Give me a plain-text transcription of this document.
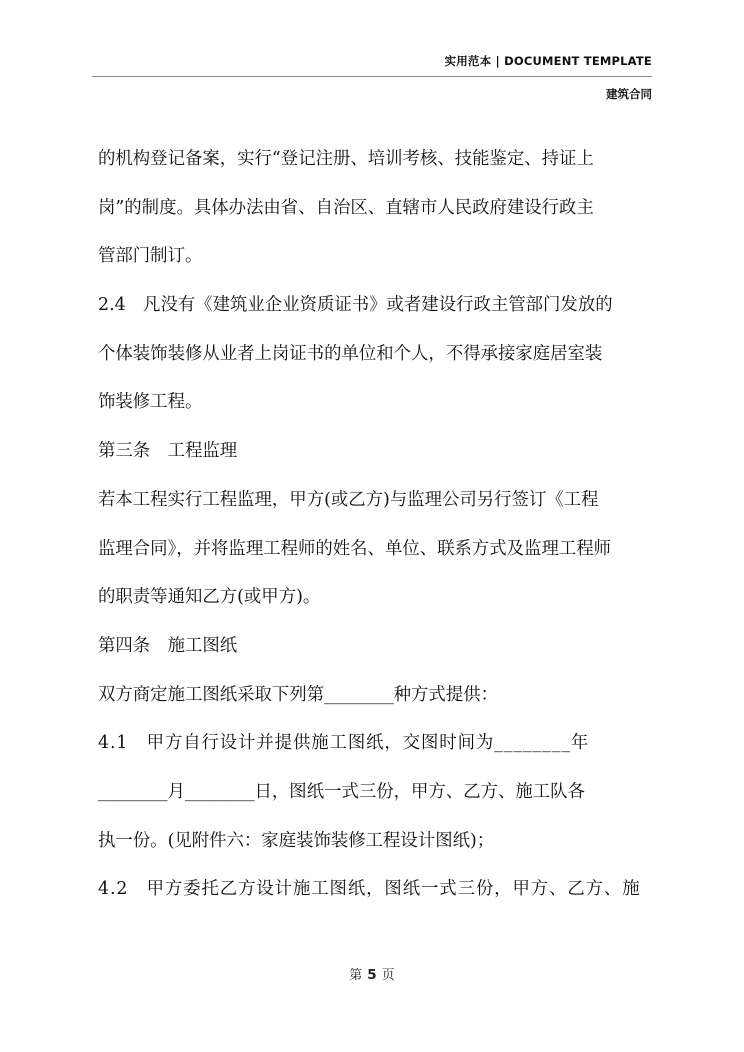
实用范本 | DOCUMENT TEMPLATE
建筑合同
的机构登记备案，实行“登记注册、培训考核、技能鉴定、持证上
岗”的制度。具体办法由省、自治区、直辖市人民政府建设行政主
管部门制订。
2.4　凡没有《建筑业企业资质证书》或者建设行政主管部门发放的
个体装饰装修从业者上岗证书的单位和个人，不得承接家庭居室装
饰装修工程。
第三条　工程监理
若本工程实行工程监理，甲方(或乙方)与监理公司另行签订《工程
监理合同》，并将监理工程师的姓名、单位、联系方式及监理工程师
的职责等通知乙方(或甲方)。
第四条　施工图纸
双方商定施工图纸采取下列第________种方式提供：
4.1　甲方自行设计并提供施工图纸，交图时间为________年
________月________日，图纸一式三份，甲方、乙方、施工队各
执一份。(见附件六：家庭装饰装修工程设计图纸)；
4.2　甲方委托乙方设计施工图纸，图纸一式三份，甲方、乙方、施
第 5 页
